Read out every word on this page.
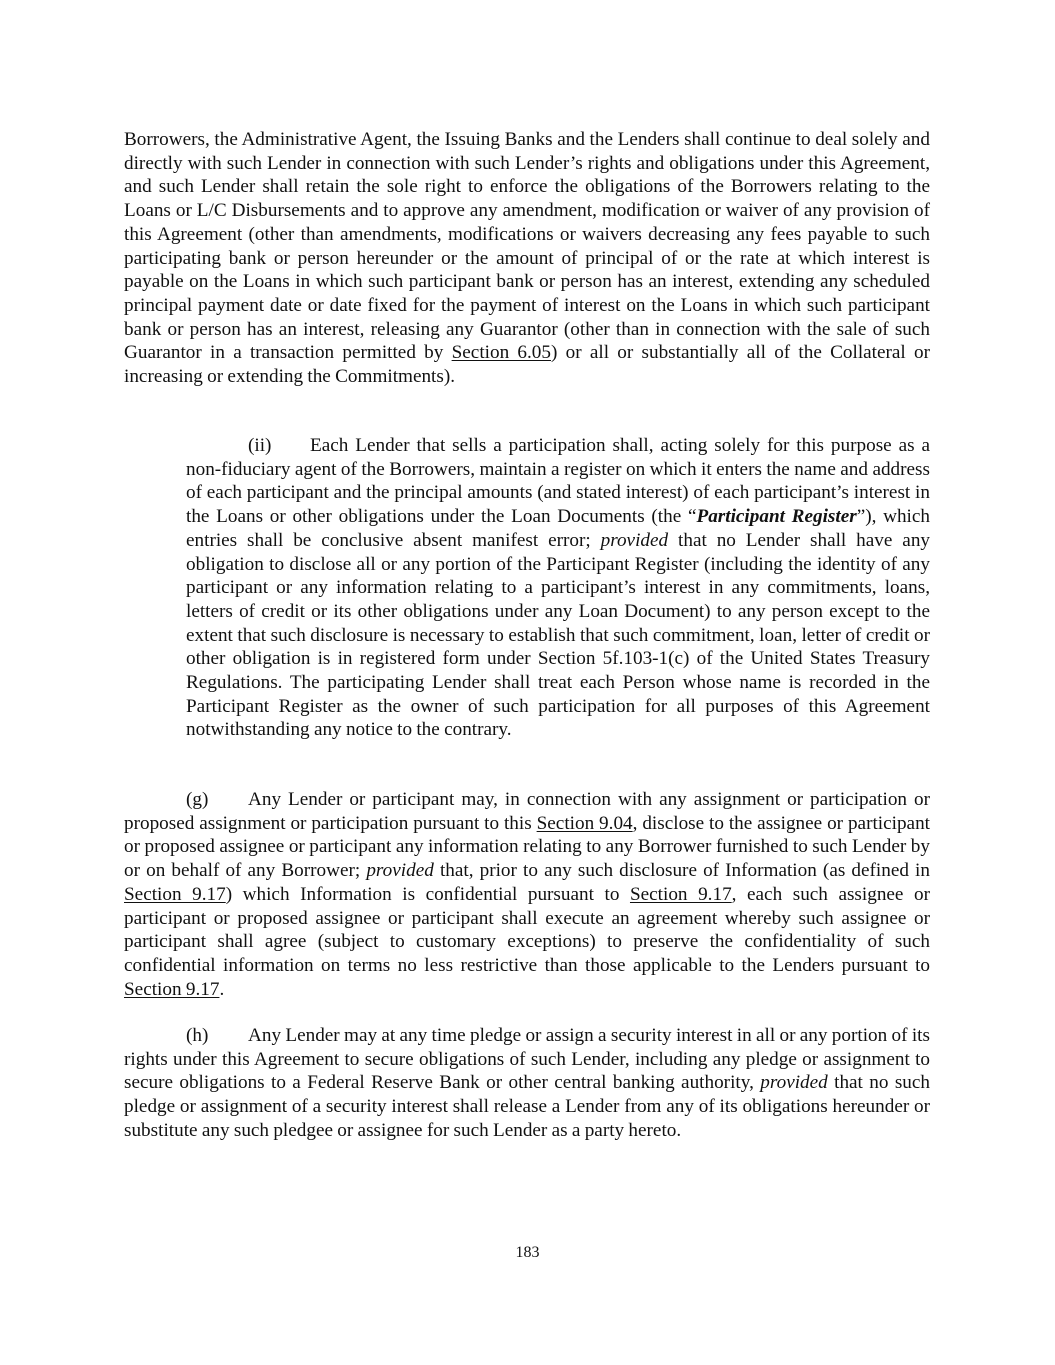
Borrowers, the Administrative Agent, the Issuing Banks and the Lenders shall continue to deal solely and directly with such Lender in connection with such Lender’s rights and obligations under this Agreement, and such Lender shall retain the sole right to enforce the obligations of the Borrowers relating to the Loans or L/C Disbursements and to approve any amendment, modification or waiver of any provision of this Agreement (other than amendments, modifications or waivers decreasing any fees payable to such participating bank or person hereunder or the amount of principal of or the rate at which interest is payable on the Loans in which such participant bank or person has an interest, extending any scheduled principal payment date or date fixed for the payment of interest on the Loans in which such participant bank or person has an interest, releasing any Guarantor (other than in connection with the sale of such Guarantor in a transaction permitted by Section 6.05) or all or substantially all of the Collateral or increasing or extending the Commitments).

(ii) Each Lender that sells a participation shall, acting solely for this purpose as a non-fiduciary agent of the Borrowers, maintain a register on which it enters the name and address of each participant and the principal amounts (and stated interest) of each participant’s interest in the Loans or other obligations under the Loan Documents (the “Participant Register”), which entries shall be conclusive absent manifest error; provided that no Lender shall have any obligation to disclose all or any portion of the Participant Register (including the identity of any participant or any information relating to a participant’s interest in any commitments, loans, letters of credit or its other obligations under any Loan Document) to any person except to the extent that such disclosure is necessary to establish that such commitment, loan, letter of credit or other obligation is in registered form under Section 5f.103-1(c) of the United States Treasury Regulations. The participating Lender shall treat each Person whose name is recorded in the Participant Register as the owner of such participation for all purposes of this Agreement notwithstanding any notice to the contrary.

(g) Any Lender or participant may, in connection with any assignment or participation or proposed assignment or participation pursuant to this Section 9.04, disclose to the assignee or participant or proposed assignee or participant any information relating to any Borrower furnished to such Lender by or on behalf of any Borrower; provided that, prior to any such disclosure of Information (as defined in Section 9.17) which Information is confidential pursuant to Section 9.17, each such assignee or participant or proposed assignee or participant shall execute an agreement whereby such assignee or participant shall agree (subject to customary exceptions) to preserve the confidentiality of such confidential information on terms no less restrictive than those applicable to the Lenders pursuant to Section 9.17.

(h) Any Lender may at any time pledge or assign a security interest in all or any portion of its rights under this Agreement to secure obligations of such Lender, including any pledge or assignment to secure obligations to a Federal Reserve Bank or other central banking authority, provided that no such pledge or assignment of a security interest shall release a Lender from any of its obligations hereunder or substitute any such pledgee or assignee for such Lender as a party hereto.

183
